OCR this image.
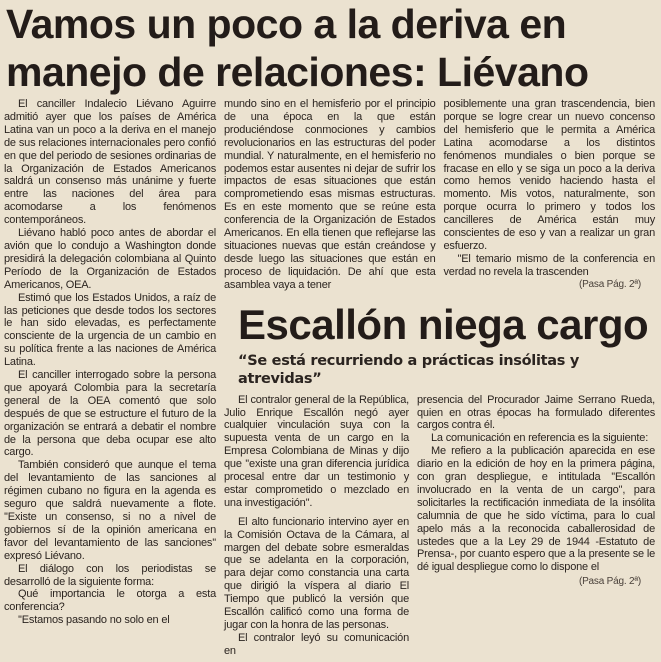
Vamos un poco a la deriva en
manejo de relaciones: Liévano

El canciller Indalecio Liévano Aguirre admitió ayer que los países de América Latina van un poco a la deriva en el manejo de sus relaciones internacionales pero confió en que del periodo de sesiones ordinarias de la Organización de Estados Americanos saldrá un consenso más unánime y fuerte entre las naciones del área para acomodarse a los fenómenos contemporáneos.

Liévano habló poco antes de abordar el avión que lo condujo a Washington donde presidirá la delegación colombiana al Quinto Período de la Organización de Estados Americanos, OEA.

Estimó que los Estados Unidos, a raíz de las peticiones que desde todos los sectores le han sido elevadas, es perfectamente consciente de la urgencia de un cambio en su política frente a las naciones de América Latina.

El canciller interrogado sobre la persona que apoyará Colombia para la secretaría general de la OEA comentó que solo después de que se estructure el futuro de la organización se entrará a debatir el nombre de la persona que deba ocupar ese alto cargo.

También consideró que aunque el tema del levantamiento de las sanciones al régimen cubano no figura en la agenda es seguro que saldrá nuevamente a flote. ''Existe un consenso, si no a nivel de gobiernos sí de la opinión americana en favor del levantamiento de las sanciones'' expresó Liévano.

El diálogo con los periodistas se desarrolló de la siguiente forma:

Qué importancia le otorga a esta conferencia?

''Estamos pasando no solo en el

mundo sino en el hemisferio por el principio de una época en la que están produciéndose conmociones y cambios revolucionarios en las estructuras del poder mundial. Y naturalmente, en el hemisferio no podemos estar ausentes ni dejar de sufrir los impactos de esas situaciones que están comprometiendo esas mismas estructuras. Es en este momento que se reúne esta conferencia de la Organización de Estados Americanos. En ella tienen que reflejarse las situaciones nuevas que están creándose y desde luego las situaciones que están en proceso de liquidación. De ahí que esta asamblea vaya a tener

posiblemente una gran trascendencia, bien porque se logre crear un nuevo concenso del hemisferio que le permita a América Latina acomodarse a los distintos fenómenos mundiales o bien porque se fracase en ello y se siga un poco a la deriva como hemos venido haciendo hasta el momento. Mis votos, naturalmente, son porque ocurra lo primero y todos los cancilleres de América están muy conscientes de eso y van a realizar un gran esfuerzo.

''El temario mismo de la conferencia en verdad no revela la trascenden

(Pasa Pág. 2ª)

Escallón niega cargo
“Se está recurriendo a prácticas insólitas y atrevidas”

El contralor general de la República, Julio Enrique Escallón negó ayer cualquier vinculación suya con la supuesta venta de un cargo en la Empresa Colombiana de Minas y dijo que ''existe una gran diferencia jurídica procesal entre dar un testimonio y estar comprometido o mezclado en una investigación''.

El alto funcionario intervino ayer en la Comisión Octava de la Cámara, al margen del debate sobre esmeraldas que se adelanta en la corporación, para dejar como constancia una carta que dirigió la víspera al diario El Tiempo que publicó la versión que Escallón calificó como una forma de jugar con la honra de las personas.

El contralor leyó su comunicación en

presencia del Procurador Jaime Serrano Rueda, quien en otras épocas ha formulado diferentes cargos contra él.

La comunicación en referencia es la siguiente:

Me refiero a la publicación aparecida en ese diario en la edición de hoy en la primera página, con gran despliegue, e intitulada ''Escallón involucrado en la venta de un cargo'', para solicitarles la rectificación inmediata de la insólita calumnia de que he sido víctima, para lo cual apelo más a la reconocida caballerosidad de ustedes que a la Ley 29 de 1944 -Estatuto de Prensa-, por cuanto espero que a la presente se le dé igual despliegue como lo dispone el

(Pasa Pág. 2ª)
